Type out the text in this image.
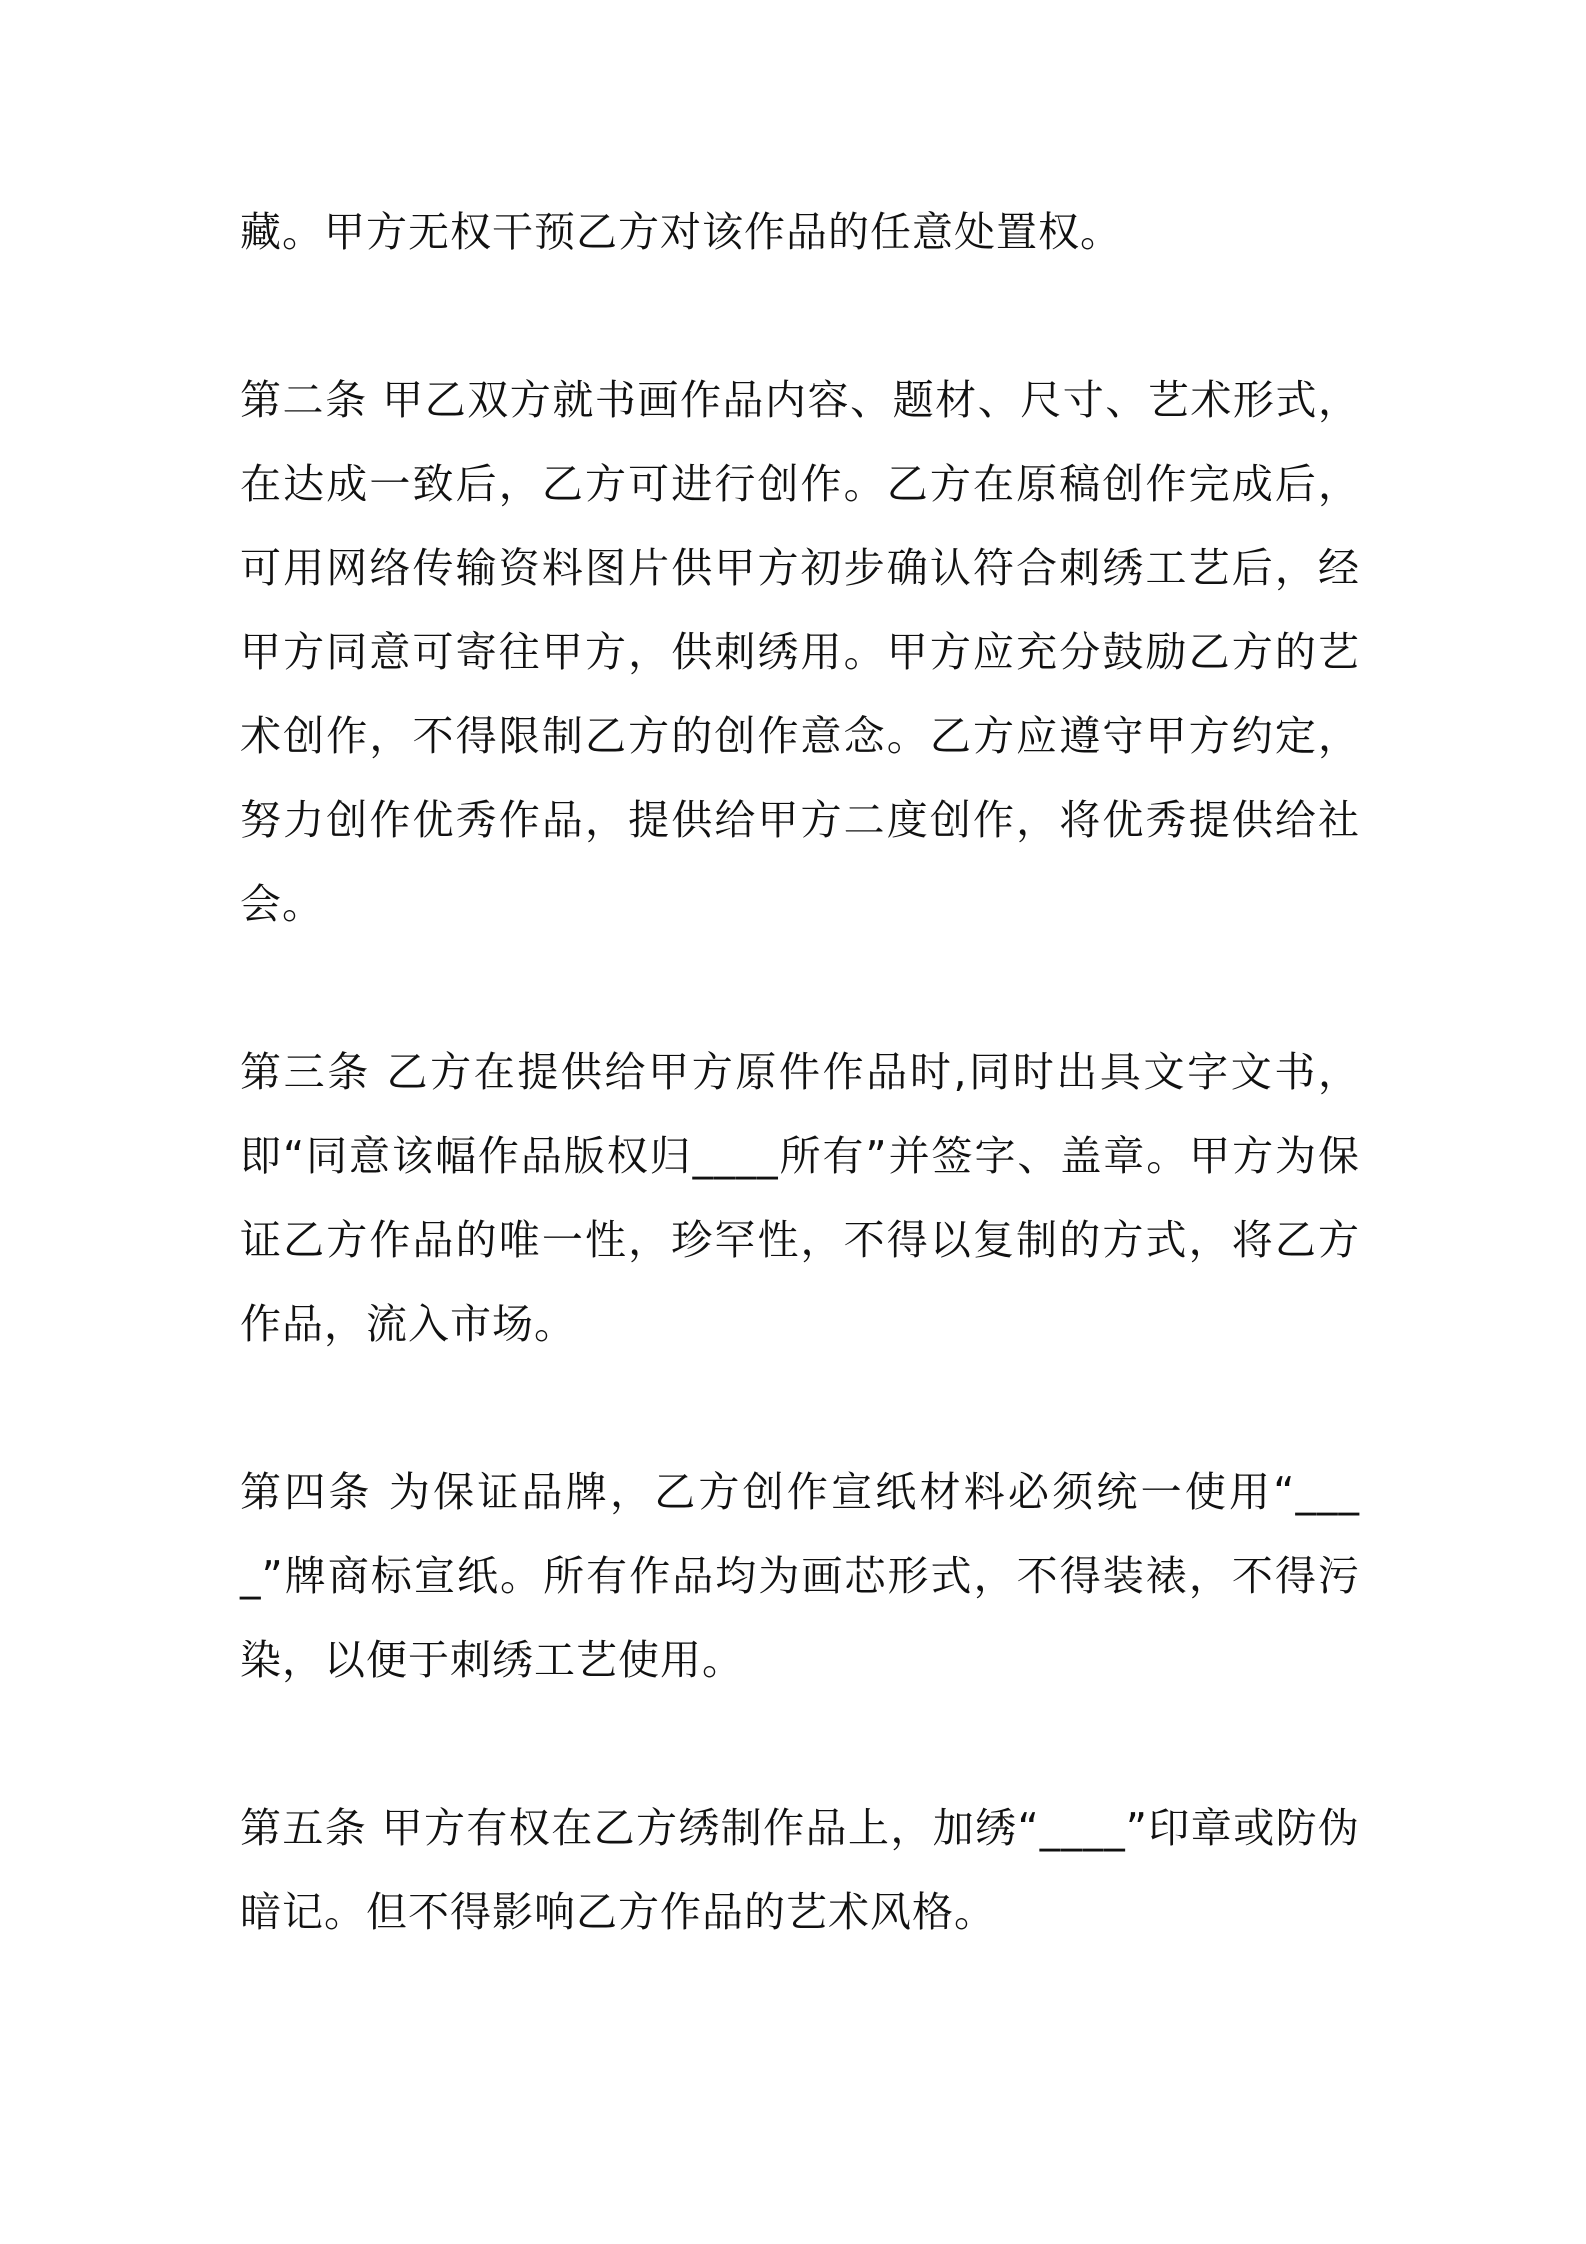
藏。甲方无权干预乙方对该作品的任意处置权。

第二条 甲乙双方就书画作品内容、题材、尺寸、艺术形式，在达成一致后，乙方可进行创作。乙方在原稿创作完成后，可用网络传输资料图片供甲方初步确认符合刺绣工艺后，经甲方同意可寄往甲方，供刺绣用。甲方应充分鼓励乙方的艺术创作，不得限制乙方的创作意念。乙方应遵守甲方约定，努力创作优秀作品，提供给甲方二度创作，将优秀提供给社会。

第三条 乙方在提供给甲方原件作品时,同时出具文字文书，即“同意该幅作品版权归____所有”并签字、盖章。甲方为保证乙方作品的唯一性，珍罕性，不得以复制的方式，将乙方作品，流入市场。

第四条 为保证品牌，乙方创作宣纸材料必须统一使用“____”牌商标宣纸。所有作品均为画芯形式，不得装裱，不得污染，以便于刺绣工艺使用。

第五条 甲方有权在乙方绣制作品上，加绣“____”印章或防伪暗记。但不得影响乙方作品的艺术风格。
